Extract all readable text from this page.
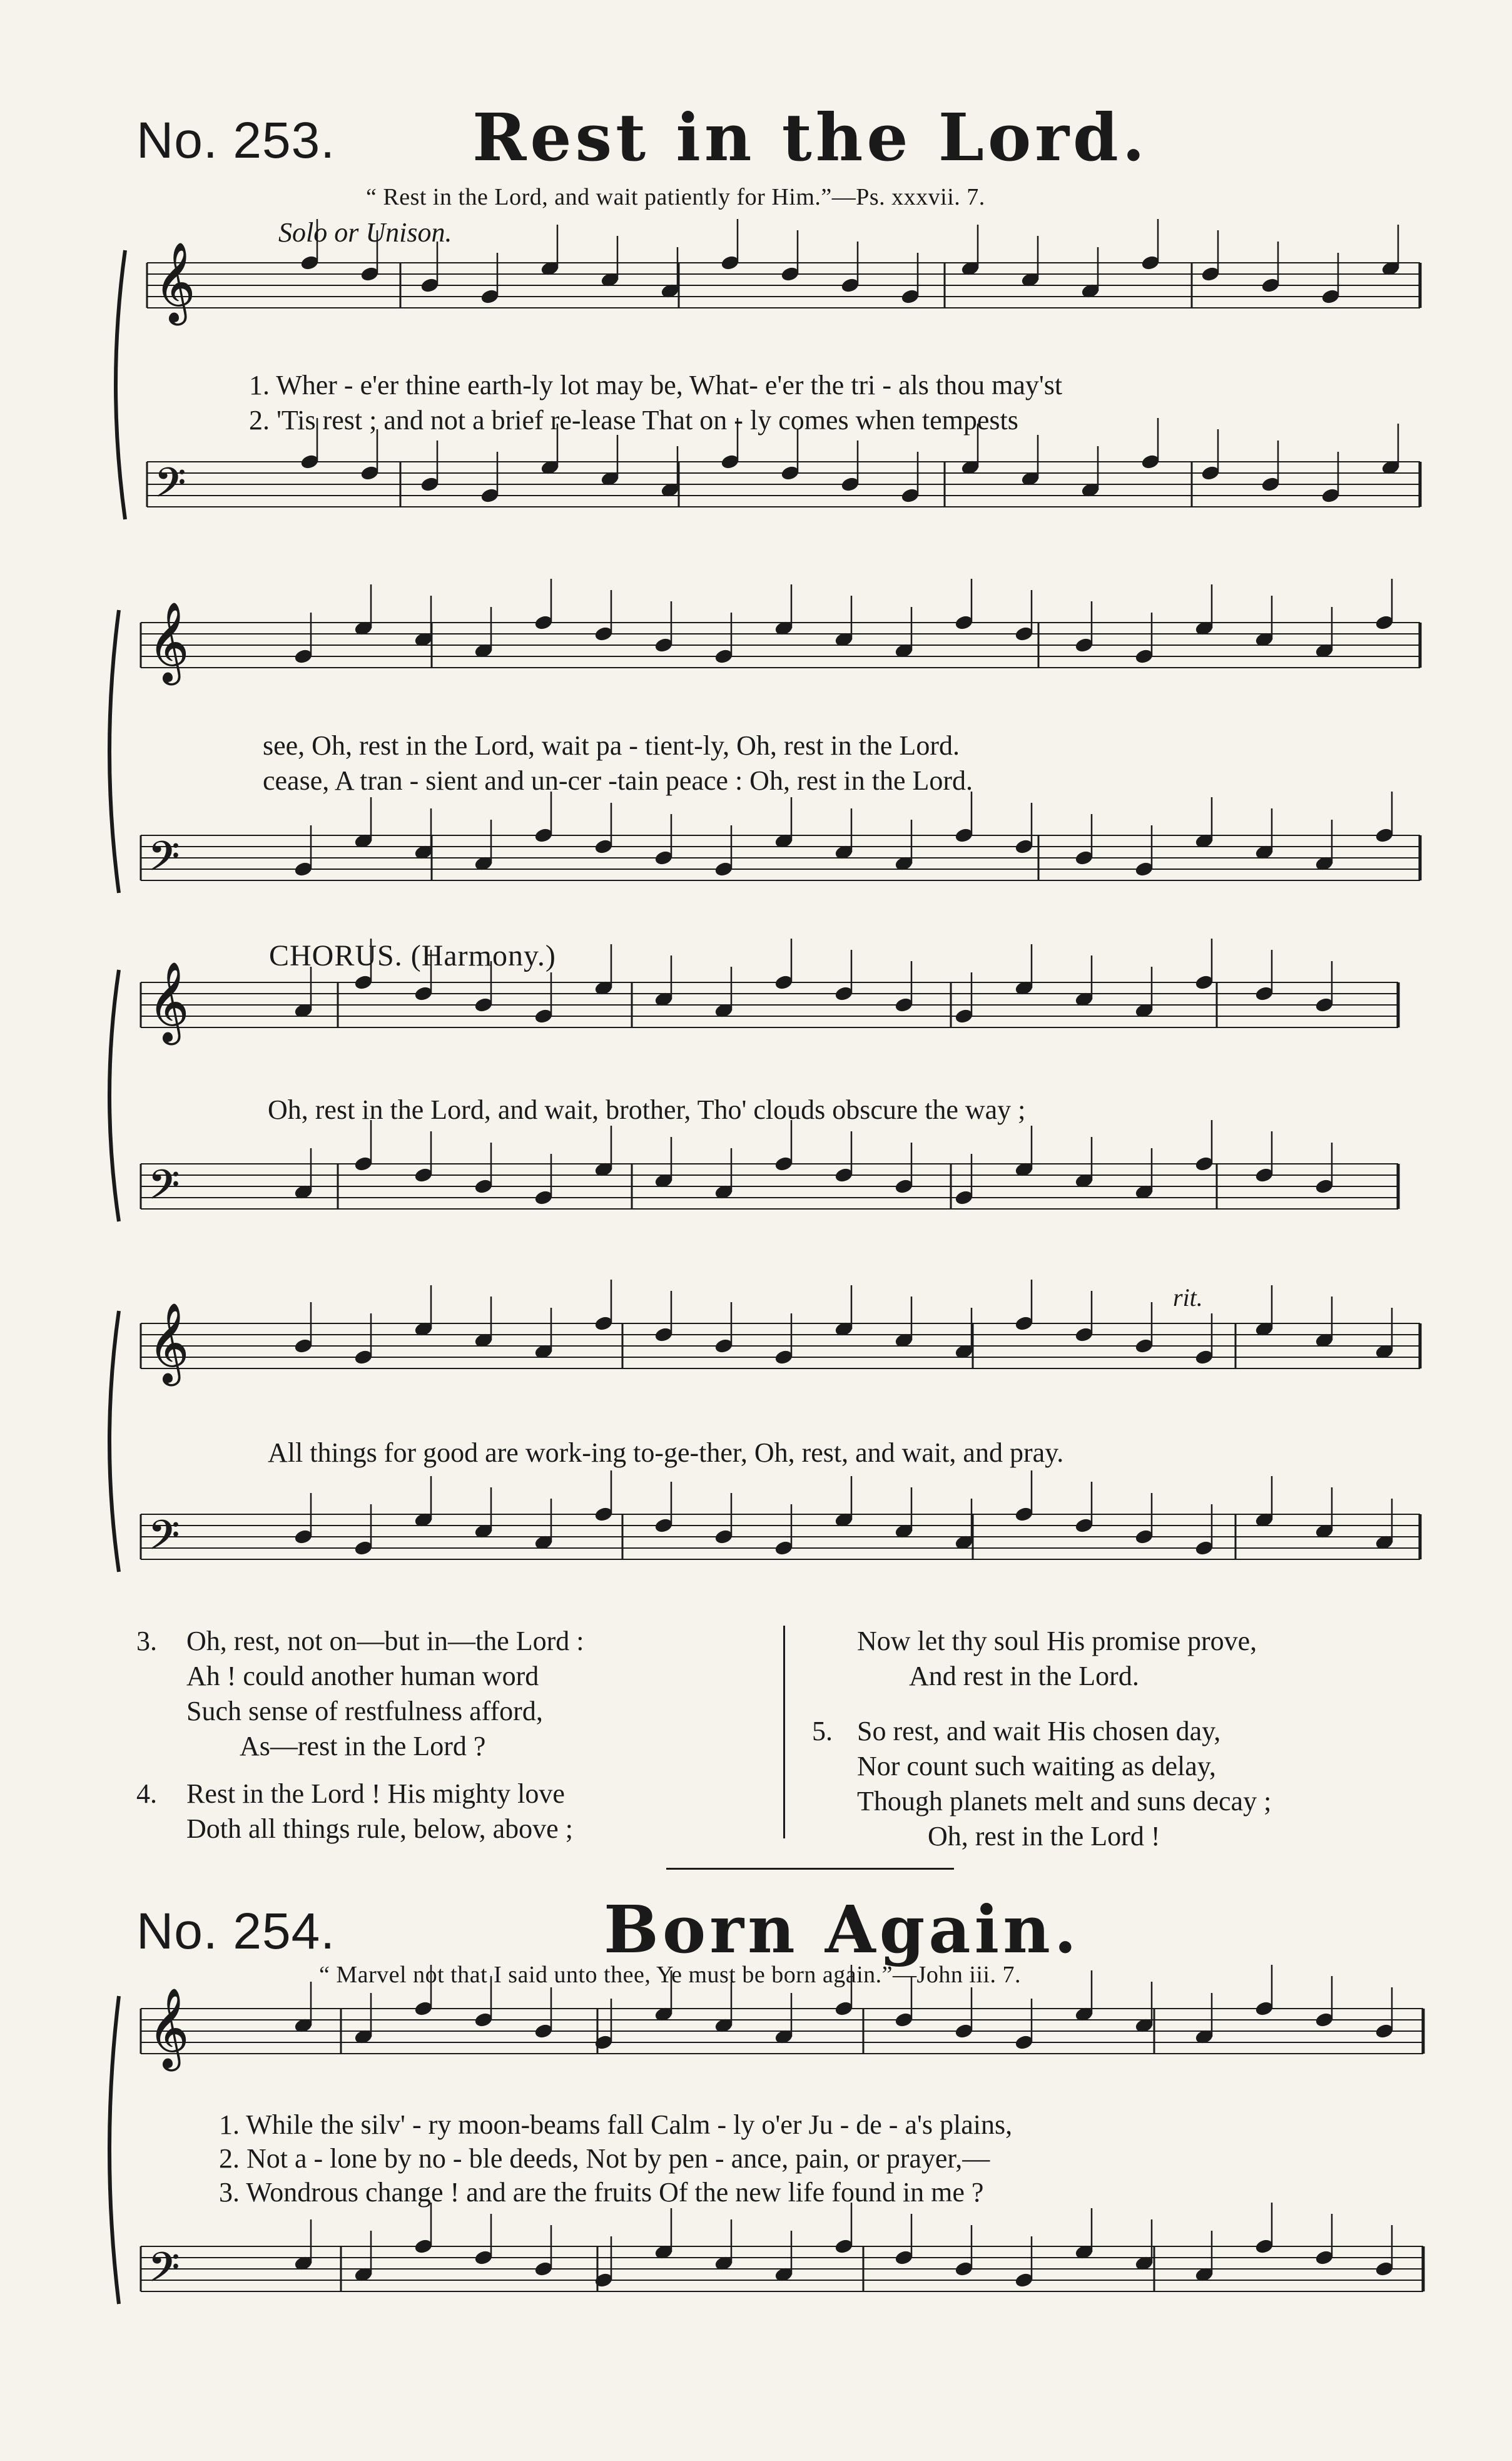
No. 253. Rest in the Lord.
“ Rest in the Lord, and wait patiently for Him.”—Ps. xxxvii. 7.
Solo or Unison.
𝄞
𝄢
𝄞
𝄢
𝄞
𝄢
𝄞
𝄢
𝄞
𝄢
1. Wher - e'er thine earth-ly lot may be, What- e'er the tri - als thou may'st
2. 'Tis rest ; and not a brief re-lease That on - ly comes when tempests
see, Oh, rest in the Lord, wait pa - tient-ly, Oh, rest in the Lord.
cease, A tran - sient and un-cer -tain peace : Oh, rest in the Lord.
CHORUS. (Harmony.)
Oh, rest in the Lord, and wait, brother, Tho' clouds obscure the way ;
rit.
All things for good are work-ing to-ge-ther, Oh, rest, and wait, and pray.
3. Oh, rest, not on—but in—the Lord :
Ah ! could another human word
Such sense of restfulness afford,
As—rest in the Lord ?
4. Rest in the Lord ! His mighty love
Doth all things rule, below, above ;
Now let thy soul His promise prove,
And rest in the Lord.
5. So rest, and wait His chosen day,
Nor count such waiting as delay,
Though planets melt and suns decay ;
Oh, rest in the Lord !
No. 254.	Born Again.
“ Marvel not that I said unto thee, Ye must be born again.”—John iii. 7.
1. While the silv' - ry moon-beams fall Calm - ly o'er Ju - de - a's plains,
2. Not a - lone by no - ble deeds, Not by pen - ance, pain, or prayer,—
3. Wondrous change ! and are the fruits Of the new life found in me ?
